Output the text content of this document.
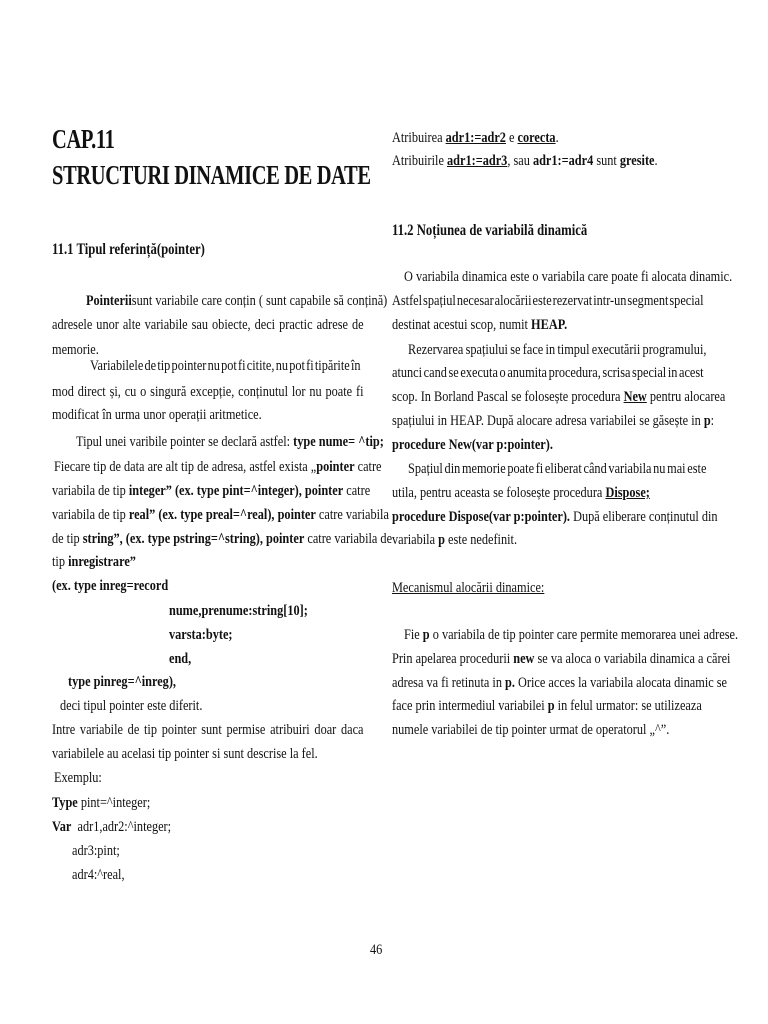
CAP.11
STRUCTURI DINAMICE DE DATE
11.1 Tipul referință(pointer)
Pointerii sunt variabile care conțin ( sunt capabile să conțină)
adresele unor alte variabile sau obiecte, deci practic adrese de
memorie.
Variabilele de tip pointer nu pot fi citite, nu pot fi tipărite în
mod direct și, cu o singură excepție, conținutul lor nu poate fi
modificat în urma unor operații aritmetice.
Tipul unei varibile pointer se declară astfel: type nume= ^tip;
Fiecare tip de data are alt tip de adresa, astfel exista „pointer catre
variabila de tip integer” (ex. type pint=^integer), pointer catre
variabila de tip real” (ex. type preal=^real), pointer catre variabila
de tip string”, (ex. type pstring=^string), pointer catre variabila de
tip inregistrare”
(ex. type inreg=record
nume,prenume:string[10];
varsta:byte;
end,
type pinreg=^inreg),
deci tipul pointer este diferit.
Intre variabile de tip pointer sunt permise atribuiri doar daca
variabilele au acelasi tip pointer si sunt descrise la fel.
Exemplu:
Type pint=^integer;
Var adr1,adr2:^integer;
adr3:pint;
adr4:^real,
Atribuirea adr1:=adr2 e corecta.
Atribuirile adr1:=adr3, sau adr1:=adr4 sunt gresite.
11.2 Noțiunea de variabilă dinamică
O variabila dinamica este o variabila care poate fi alocata dinamic.
Astfel spațiul necesar alocării este rezervat intr-un segment special
destinat acestui scop, numit HEAP.
Rezervarea spațiului se face in timpul executării programului,
atunci cand se executa o anumita procedura, scrisa special in acest
scop. In Borland Pascal se folosește procedura New pentru alocarea
spațiului in HEAP. După alocare adresa variabilei se găsește in p:
procedure New(var p:pointer).
Spațiul din memorie poate fi eliberat când variabila nu mai este
utila, pentru aceasta se folosește procedura Dispose;
procedure Dispose(var p:pointer). După eliberare conținutul din
variabila p este nedefinit.
Mecanismul alocării dinamice:
Fie p o variabila de tip pointer care permite memorarea unei adrese.
Prin apelarea procedurii new se va aloca o variabila dinamica a cărei
adresa va fi retinuta in p. Orice acces la variabila alocata dinamic se
face prin intermediul variabilei p in felul urmator: se utilizeaza
numele variabilei de tip pointer urmat de operatorul „^”.
46
